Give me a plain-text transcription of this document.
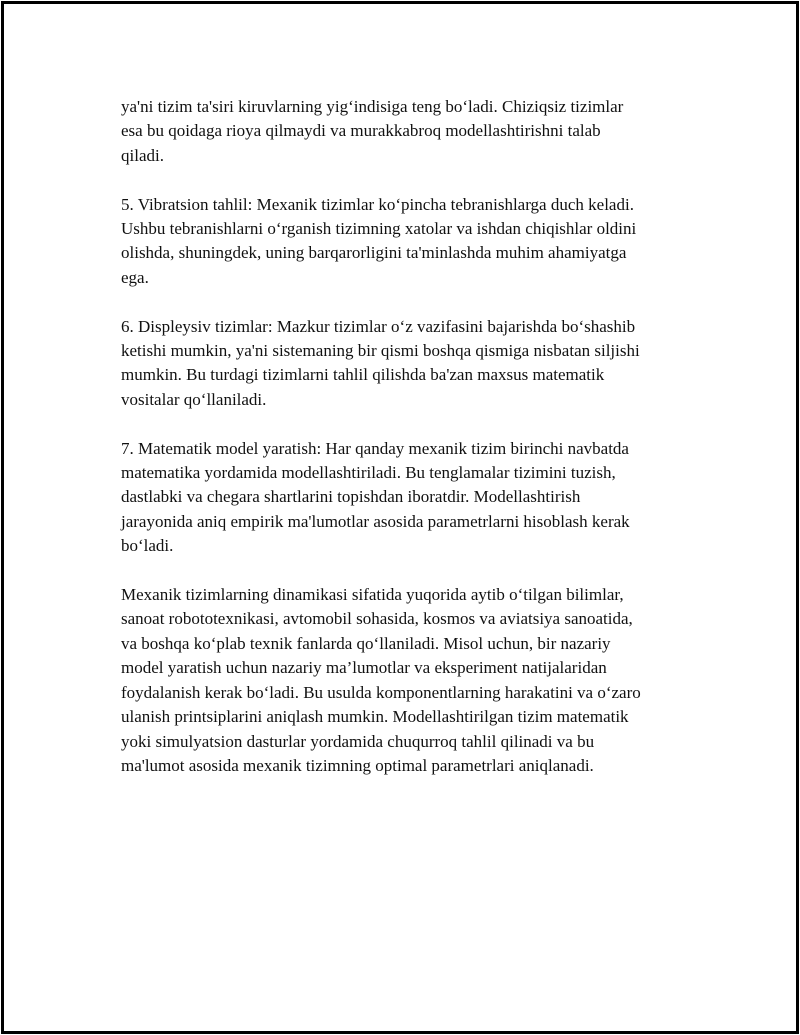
ya'ni tizim ta'siri kiruvlarning yig‘indisiga teng bo‘ladi. Chiziqsiz tizimlar
esa bu qoidaga rioya qilmaydi va murakkabroq modellashtirishni talab
qiladi.

5. Vibratsion tahlil: Mexanik tizimlar ko‘pincha tebranishlarga duch keladi.
Ushbu tebranishlarni o‘rganish tizimning xatolar va ishdan chiqishlar oldini
olishda, shuningdek, uning barqarorligini ta'minlashda muhim ahamiyatga
ega.

6. Displeysiv tizimlar: Mazkur tizimlar o‘z vazifasini bajarishda bo‘shashib
ketishi mumkin, ya'ni sistemaning bir qismi boshqa qismiga nisbatan siljishi
mumkin. Bu turdagi tizimlarni tahlil qilishda ba'zan maxsus matematik
vositalar qo‘llaniladi.

7. Matematik model yaratish: Har qanday mexanik tizim birinchi navbatda
matematika yordamida modellashtiriladi. Bu tenglamalar tizimini tuzish,
dastlabki va chegara shartlarini topishdan iboratdir. Modellashtirish
jarayonida aniq empirik ma'lumotlar asosida parametrlarni hisoblash kerak
bo‘ladi.

Mexanik tizimlarning dinamikasi sifatida yuqorida aytib o‘tilgan bilimlar,
sanoat robototexnikasi, avtomobil sohasida, kosmos va aviatsiya sanoatida,
va boshqa ko‘plab texnik fanlarda qo‘llaniladi. Misol uchun, bir nazariy
model yaratish uchun nazariy ma’lumotlar va eksperiment natijalaridan
foydalanish kerak bo‘ladi. Bu usulda komponentlarning harakatini va o‘zaro
ulanish printsiplarini aniqlash mumkin. Modellashtirilgan tizim matematik
yoki simulyatsion dasturlar yordamida chuqurroq tahlil qilinadi va bu
ma'lumot asosida mexanik tizimning optimal parametrlari aniqlanadi.
